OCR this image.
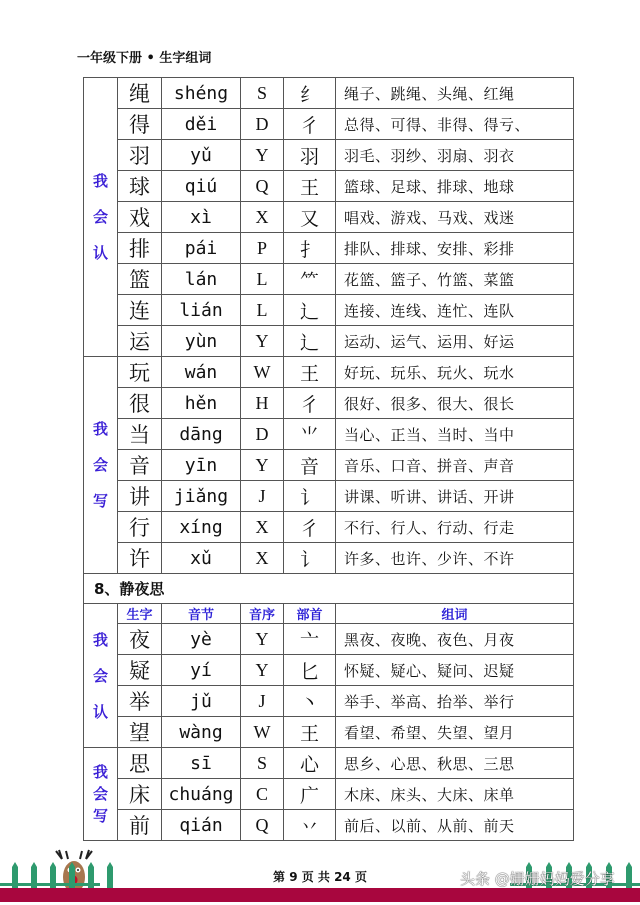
一年级下册 • 生字组词
我
会
认	绳	shéng	S	纟	绳子、跳绳、头绳、红绳
	得	děi	D	彳	总得、可得、非得、得亏、
	羽	yǔ	Y	羽	羽毛、羽纱、羽扇、羽衣
	球	qiú	Q	王	篮球、足球、排球、地球
	戏	xì	X	又	唱戏、游戏、马戏、戏迷
	排	pái	P	扌	排队、排球、安排、彩排
	篮	lán	L	⺮	花篮、篮子、竹篮、菜篮
	连	lián	L	辶	连接、连线、连忙、连队
	运	yùn	Y	辶	运动、运气、运用、好运

我
会
写	玩	wán	W	王	好玩、玩乐、玩火、玩水
	很	hěn	H	彳	很好、很多、很大、很长
	当	dāng	D	⺌	当心、正当、当时、当中
	音	yīn	Y	音	音乐、口音、拼音、声音
	讲	jiǎng	J	讠	讲课、听讲、讲话、开讲
	行	xíng	X	彳	不行、行人、行动、行走
	许	xǔ	X	讠	许多、也许、少许、不许
8、静夜思					

我
会
认	生字	音节	音序	部首	组词
	夜	yè	Y	亠	黑夜、夜晚、夜色、月夜
	疑	yí	Y	匕	怀疑、疑心、疑问、迟疑
	举	jǔ	J	丶	举手、举高、抬举、举行
	望	wàng	W	王	看望、希望、失望、望月

我
会
写	思	sī	S	心	思乡、心思、秋思、三思
	床	chuáng	C	广	木床、床头、大床、床单
	前	qián	Q	丷	前后、以前、从前、前天
第 9 页 共 24 页	头条 @姗姗妈妈爱分享
